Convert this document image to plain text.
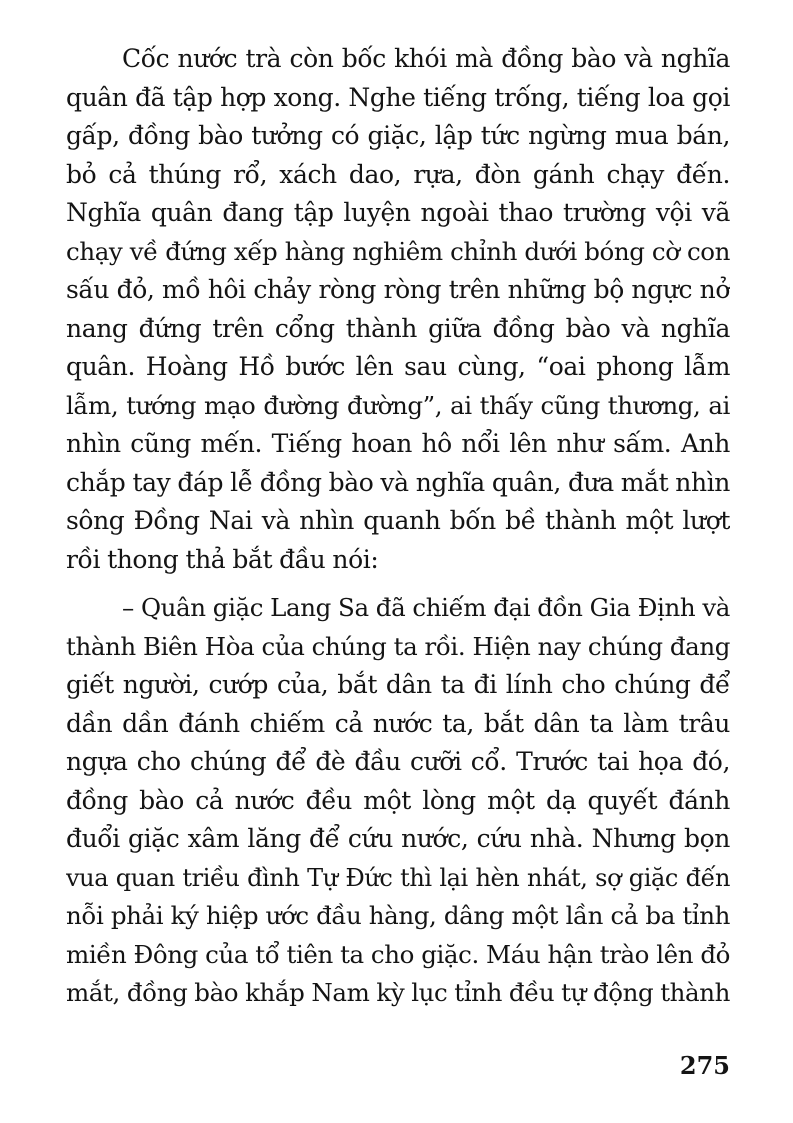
Cốc nước trà còn bốc khói mà đồng bào và nghĩa
quân đã tập hợp xong. Nghe tiếng trống, tiếng loa gọi
gấp, đồng bào tưởng có giặc, lập tức ngừng mua bán,
bỏ cả thúng rổ, xách dao, rựa, đòn gánh chạy đến.
Nghĩa quân đang tập luyện ngoài thao trường vội vã
chạy về đứng xếp hàng nghiêm chỉnh dưới bóng cờ con
sấu đỏ, mồ hôi chảy ròng ròng trên những bộ ngực nở
nang đứng trên cổng thành giữa đồng bào và nghĩa
quân. Hoàng Hồ bước lên sau cùng, “oai phong lẫm
lẫm, tướng mạo đường đường”, ai thấy cũng thương, ai
nhìn cũng mến. Tiếng hoan hô nổi lên như sấm. Anh
chắp tay đáp lễ đồng bào và nghĩa quân, đưa mắt nhìn
sông Đồng Nai và nhìn quanh bốn bề thành một lượt
rồi thong thả bắt đầu nói:
– Quân giặc Lang Sa đã chiếm đại đồn Gia Định và
thành Biên Hòa của chúng ta rồi. Hiện nay chúng đang
giết người, cướp của, bắt dân ta đi lính cho chúng để
dần dần đánh chiếm cả nước ta, bắt dân ta làm trâu
ngựa cho chúng để đè đầu cưỡi cổ. Trước tai họa đó,
đồng bào cả nước đều một lòng một dạ quyết đánh
đuổi giặc xâm lăng để cứu nước, cứu nhà. Nhưng bọn
vua quan triều đình Tự Đức thì lại hèn nhát, sợ giặc đến
nỗi phải ký hiệp ước đầu hàng, dâng một lần cả ba tỉnh
miền Đông của tổ tiên ta cho giặc. Máu hận trào lên đỏ
mắt, đồng bào khắp Nam kỳ lục tỉnh đều tự động thành
275
